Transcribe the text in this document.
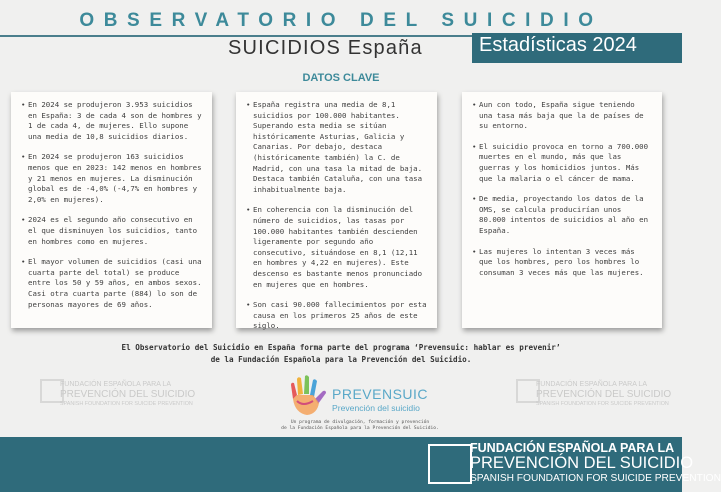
OBSERVATORIO DEL SUICIDIO
SUICIDIOS España	Estadísticas 2024
DATOS CLAVE
• En 2024 se produjeron 3.953 suicidios en España: 3 de cada 4 son de hombres y 1 de cada 4, de mujeres. Ello supone una media de 10,8 suicidios diarios.
• En 2024 se produjeron 163 suicidios menos que en 2023: 142 menos en hombres y 21 menos en mujeres. La disminución global es de -4,0% (-4,7% en hombres y 2,0% en mujeres).
• 2024 es el segundo año consecutivo en el que disminuyen los suicidios, tanto en hombres como en mujeres.
• El mayor volumen de suicidios (casi una cuarta parte del total) se produce entre los 50 y 59 años, en ambos sexos. Casi otra cuarta parte (884) lo son de personas mayores de 69 años.
• España registra una media de 8,1 suicidios por 100.000 habitantes. Superando esta media se sitúan históricamente Asturias, Galicia y Canarias. Por debajo, destaca (históricamente también) la C. de Madrid, con una tasa la mitad de baja. Destaca también Cataluña, con una tasa inhabitualmente baja.
• En coherencia con la disminución del número de suicidios, las tasas por 100.000 habitantes también descienden ligeramente por segundo año consecutivo, situándose en 8,1 (12,11 en hombres y 4,22 en mujeres). Este descenso es bastante menos pronunciado en mujeres que en hombres.
• Son casi 90.000 fallecimientos por esta causa en los primeros 25 años de este siglo.
• Aun con todo, España sigue teniendo una tasa más baja que la de países de su entorno.
• El suicidio provoca en torno a 700.000 muertes en el mundo, más que las guerras y los homicidios juntos. Más que la malaria o el cáncer de mama.
• De media, proyectando los datos de la OMS, se calcula producirían unos 80.000 intentos de suicidios al año en España.
• Las mujeres lo intentan 3 veces más que los hombres, pero los hombres lo consuman 3 veces más que las mujeres.
El Observatorio del Suicidio en España forma parte del programa ‘Prevensuic: hablar es prevenir’
de la Fundación Española para la Prevención del Suicidio.
FUNDACIÓN ESPAÑOLA PARA LA
PREVENCIÓN DEL SUICIDIO
SPANISH FOUNDATION FOR SUICIDE PREVENTION
FUNDACIÓN ESPAÑOLA PARA LA
PREVENCIÓN DEL SUICIDIO
SPANISH FOUNDATION FOR SUICIDE PREVENTION
PREVENSUIC
Prevención del suicidio
Un programa de divulgación, formación y prevención
de la Fundación Española para la Prevención del Suicidio.
FUNDACIÓN ESPAÑOLA PARA LA
PREVENCIÓN DEL SUICIDIO
SPANISH FOUNDATION FOR SUICIDE PREVENTION
